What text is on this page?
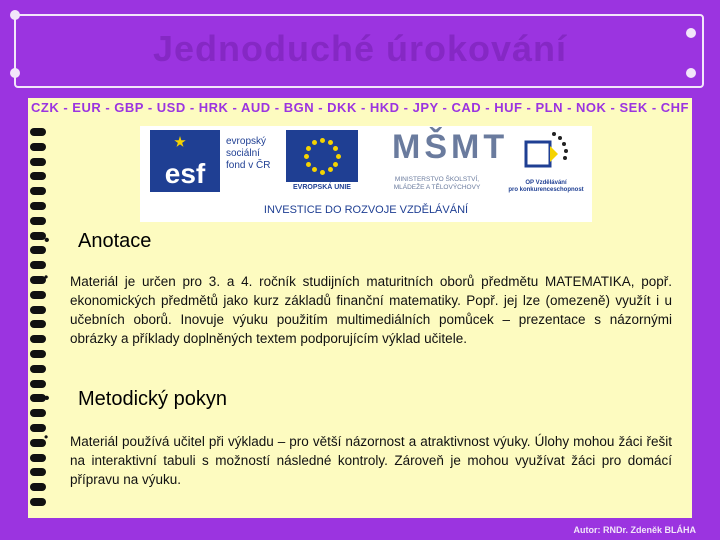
Jednoduché úrokování
CZK - EUR - GBP - USD - HRK - AUD - BGN - DKK - HKD - JPY - CAD - HUF - PLN - NOK - SEK - CHF
esf
evropský
sociální
fond v ČR
EVROPSKÁ UNIE
MŠMT
MINISTERSTVO ŠKOLSTVÍ,
MLÁDEŽE A TĚLOVÝCHOVY
OP Vzdělávání
pro konkurenceschopnost
INVESTICE DO ROZVOJE VZDĚLÁVÁNÍ
• Anotace
• Materiál je určen pro 3. a 4. ročník studijních maturitních oborů předmětu MATEMATIKA, popř. ekonomických předmětů jako kurz základů finanční matematiky. Popř. jej lze (omezeně) využít i u učebních oborů. Inovuje výuku použitím multimediálních pomůcek – prezentace s názornými obrázky a příklady doplněných textem podporujícím výklad učitele.
• Metodický pokyn
• Materiál používá učitel při výkladu – pro větší názornost a atraktivnost výuky. Úlohy mohou žáci řešit na interaktivní tabuli s možností následné kontroly. Zároveň je mohou využívat žáci pro domácí přípravu na výuku.
Autor: RNDr. Zdeněk BLÁHA
